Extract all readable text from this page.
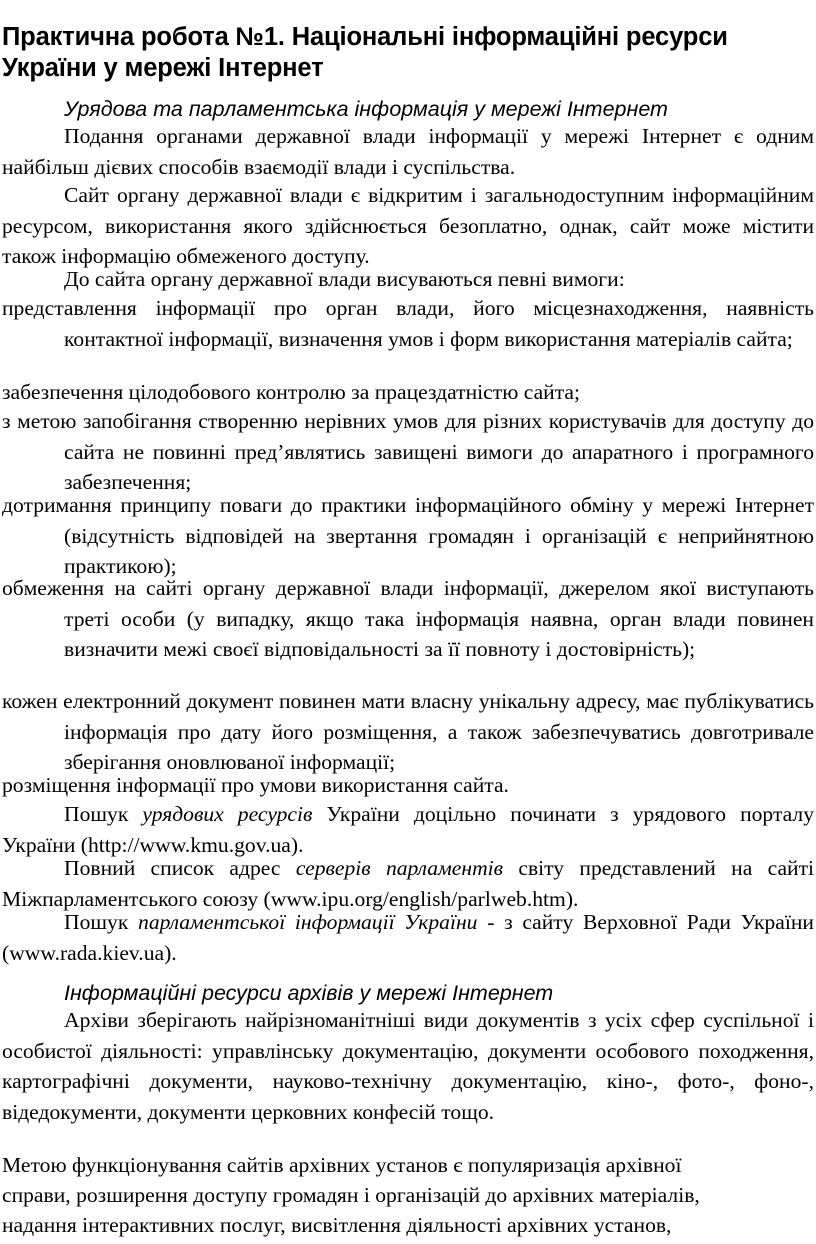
Практична робота №1. Національні інформаційні ресурси України у мережі Інтернет

Урядова та парламентська інформація у мережі Інтернет

Подання органами державної влади інформації у мережі Інтернет є одним найбільш дієвих способів взаємодії влади і суспільства.

Сайт органу державної влади є відкритим і загальнодоступним інформаційним ресурсом, використання якого здійснюється безоплатно, однак, сайт може містити також інформацію обмеженого доступу.

До сайта органу державної влади висуваються певні вимоги:

представлення інформації про орган влади, його місцезнаходження, наявність контактної інформації, визначення умов і форм використання матеріалів сайта;

забезпечення цілодобового контролю за працездатністю сайта;

з метою запобігання створенню нерівних умов для різних користувачів для доступу до сайта не повинні пред’являтись завищені вимоги до апаратного і програмного забезпечення;

дотримання принципу поваги до практики інформаційного обміну у мережі Інтернет (відсутність відповідей на звертання громадян і організацій є неприйнятною практикою);

обмеження на сайті органу державної влади інформації, джерелом якої виступають треті особи (у випадку, якщо така інформація наявна, орган влади повинен визначити межі своєї відповідальності за її повноту і достовірність);

кожен електронний документ повинен мати власну унікальну адресу, має публікуватись інформація про дату його розміщення, а також забезпечуватись довготривале зберігання оновлюваної інформації;

розміщення інформації про умови використання сайта.

Пошук урядових ресурсів України доцільно починати з урядового порталу України (http://www.kmu.gov.ua).

Повний список адрес серверів парламентів світу представлений на сайті Міжпарламентського союзу (www.ipu.org/english/parlweb.htm).

Пошук парламентської інформації України - з сайту Верховної Ради України (www.rada.kiev.ua).

Інформаційні ресурси архівів у мережі Інтернет

Архіви зберігають найрізноманітніші види документів з усіх сфер суспільної і особистої діяльності: управлінську документацію, документи особового походження, картографічні документи, науково-технічну документацію, кіно-, фото-, фоно-, відедокументи, документи церковних конфесій тощо.

Метою функціонування сайтів архівних установ є популяризація архівної

справи, розширення доступу громадян і організацій до архівних матеріалів,

надання інтерактивних послуг, висвітлення діяльності архівних установ,
